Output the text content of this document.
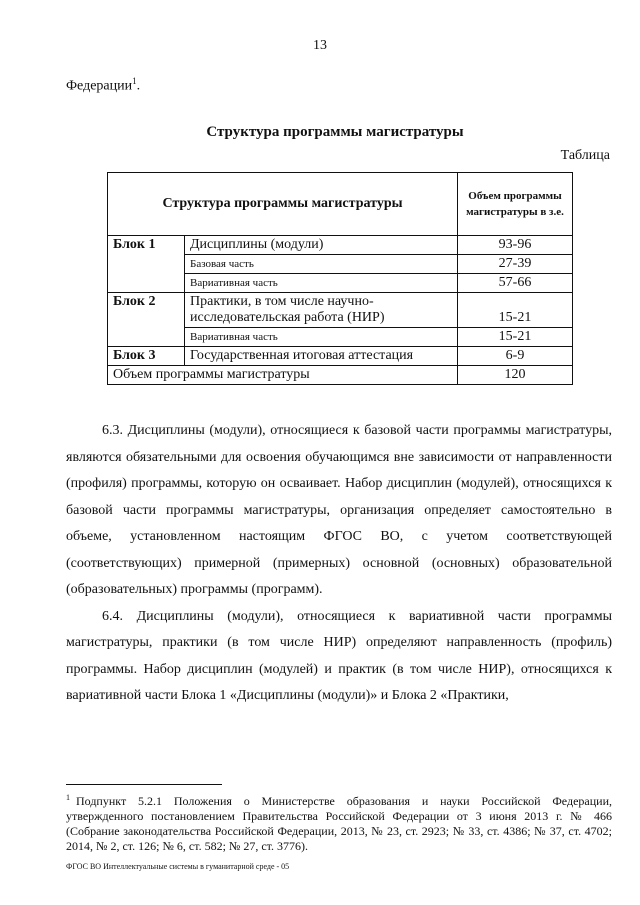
13
Федерации$^1$.
Структура программы магистратуры
Таблица
Структура программы магистратуры		Объем программы магистратуры в з.е.
Блок 1	Дисциплины (модули)	93-96
	Базовая часть	27-39
	Вариативная часть	57-66
Блок 2	Практики, в том числе научно-исследовательская работа (НИР)	15-21
	Вариативная часть	15-21
Блок 3	Государственная итоговая аттестация	6-9
Объем программы магистратуры		120

6.3. Дисциплины (модули), относящиеся к базовой части программы магистратуры, являются обязательными для освоения обучающимся вне зависимости от направленности (профиля) программы, которую он осваивает. Набор дисциплин (модулей), относящихся к базовой части программы магистратуры, организация определяет самостоятельно в объеме, установленном настоящим ФГОС ВО, с учетом соответствующей (соответствующих) примерной (примерных) основной (основных) образовательной (образовательных) программы (программ).

6.4. Дисциплины (модули), относящиеся к вариативной части программы магистратуры, практики (в том числе НИР) определяют направленность (профиль) программы. Набор дисциплин (модулей) и практик (в том числе НИР), относящихся к вариативной части Блока 1 «Дисциплины (модули)» и Блока 2 «Практики,

$^1$ Подпункт 5.2.1 Положения о Министерстве образования и науки Российской Федерации, утвержденного постановлением Правительства Российской Федерации от 3 июня 2013 г. № 466 (Собрание законодательства Российской Федерации, 2013, № 23, ст. 2923; № 33, ст. 4386; № 37, ст. 4702; 2014, № 2, ст. 126; № 6, ст. 582; № 27, ст. 3776).
ФГОС ВО Интеллектуальные системы в гуманитарной среде - 05
